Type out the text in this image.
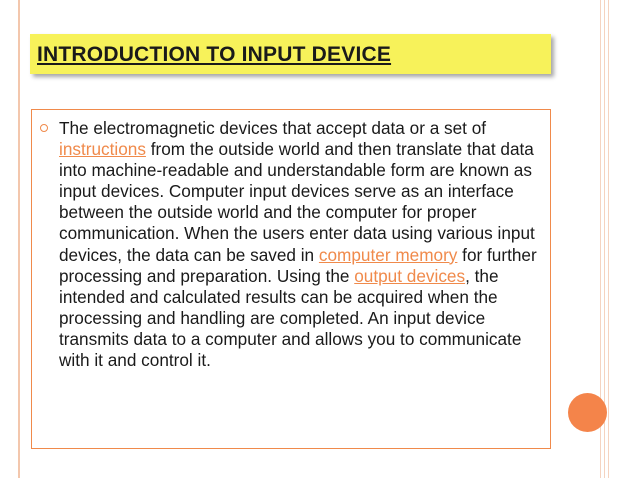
INTRODUCTION TO INPUT DEVICE

The electromagnetic devices that accept data or a set of instructions from the outside world and then translate that data into machine-readable and understandable form are known as input devices. Computer input devices serve as an interface between the outside world and the computer for proper communication. When the users enter data using various input devices, the data can be saved in computer memory for further processing and preparation. Using the output devices, the intended and calculated results can be acquired when the processing and handling are completed. An input device transmits data to a computer and allows you to communicate with it and control it.
